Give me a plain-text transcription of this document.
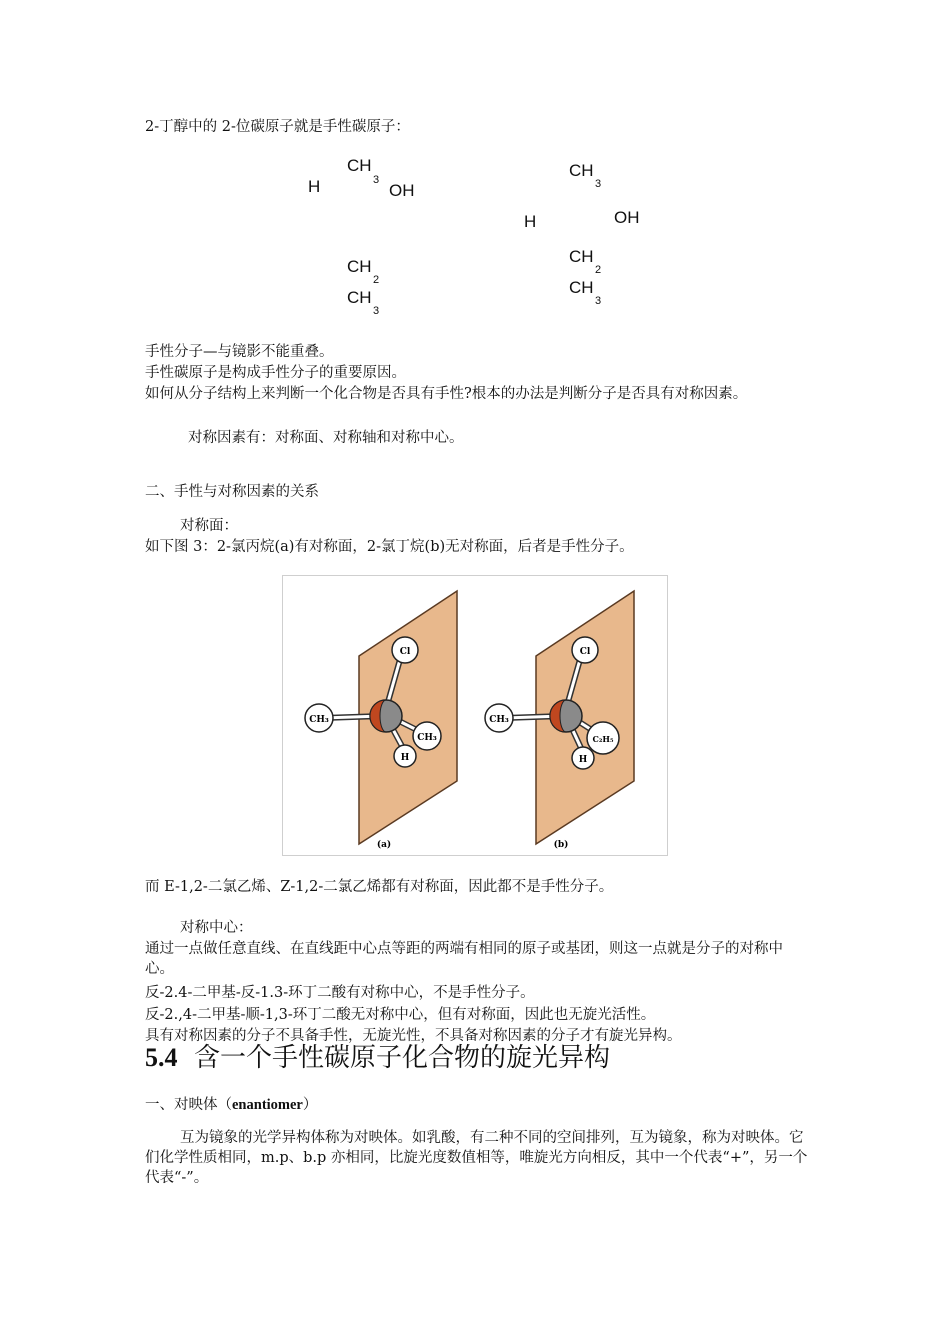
2-丁醇中的 2-位碳原子就是手性碳原子：
CH
3
H	OH
CH
2
CH
3
CH
3
H	OH
CH
2
CH
3
手性分子—与镜影不能重叠。
手性碳原子是构成手性分子的重要原因。
如何从分子结构上来判断一个化合物是否具有手性?根本的办法是判断分子是否具有对称因素。
对称因素有：对称面、对称轴和对称中心。
二、手性与对称因素的关系
对称面：
如下图 3：2-氯丙烷(a)有对称面，2-氯丁烷(b)无对称面，后者是手性分子。
H
Cl
CH₃
CH₃
(a)
H
Cl
CH₃
C₂H₅
(b)
而 E-1,2-二氯乙烯、Z-1,2-二氯乙烯都有对称面，因此都不是手性分子。
对称中心：
通过一点做任意直线、在直线距中心点等距的两端有相同的原子或基团，则这一点就是分子的对称中心。
反-2.4-二甲基-反-1.3-环丁二酸有对称中心，不是手性分子。
反-2.,4-二甲基-顺-1,3-环丁二酸无对称中心，但有对称面，因此也无旋光活性。
具有对称因素的分子不具备手性，无旋光性，不具备对称因素的分子才有旋光异构。
5.4 含一个手性碳原子化合物的旋光异构
一、对映体（enantiomer）
互为镜象的光学异构体称为对映体。如乳酸，有二种不同的空间排列，互为镜象，称为对映体。它们化学性质相同，m.p、b.p 亦相同，比旋光度数值相等，唯旋光方向相反，其中一个代表“+”，另一个代表“-”。
